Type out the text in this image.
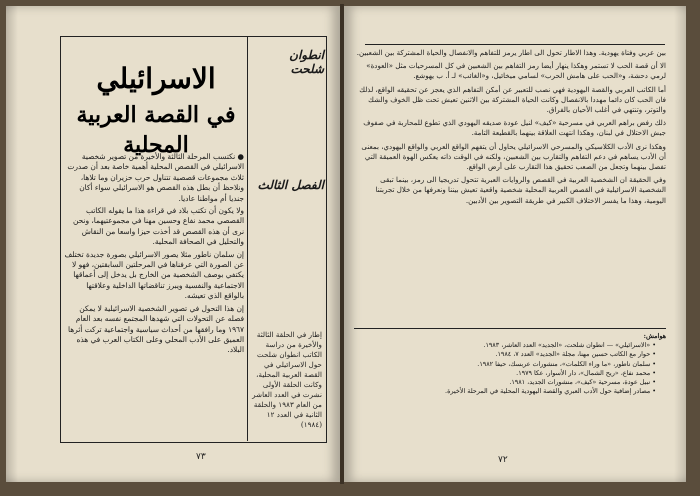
انطوان شلحت
الاسرائيلي
في القصة العربية المحلية
الفصل الثالث

● نكتسب المرحلة الثالثة والأخيرة من تصوير شخصية الاسرائيلي في القصص المحلية أهمية خاصة بعد أن صدرت ثلاث مجموعات قصصية تتناول حرب حزيران وما تلاها، ونلاحظ أن بطل هذه القصص هو الاسرائيلي سواء أكان جنديا أم مواطنا عاديا.

ولا يكون أن تكتب بلاد في قراءة هذا ما يقوله الكاتب القصصي محمد نفاع وحسين مهنا في مجموعتيهما، ونحن نرى أن هذه القصص قد أخذت حيزا واسعا من النقاش والتحليل في الصحافة المحلية.

إن سلمان ناطور مثلا يصور الاسرائيلي بصورة جديدة تختلف عن الصورة التي عرفناها في المرحلتين السابقتين، فهو لا يكتفي بوصف الشخصية من الخارج بل يدخل إلى أعماقها الاجتماعية والنفسية ويبرز تناقضاتها الداخلية وعلاقتها بالواقع الذي تعيشه.

إن هذا التحول في تصوير الشخصية الاسرائيلية لا يمكن فصله عن التحولات التي شهدها المجتمع نفسه بعد العام ١٩٦٧ وما رافقها من أحداث سياسية واجتماعية تركت أثرها العميق على الأدب المحلي وعلى الكتاب العرب في هذه البلاد.

إطار في الحلقة الثالثة والأخيرة من دراسة الكاتب انطوان شلحت حول الاسرائيلي في القصة العربية المحلية، وكانت الحلقة الأولى نشرت في العدد العاشر من العام ١٩٨٣ والحلقة الثانية في العدد ١٢ (١٩٨٤)
٧٣

بين عربي وفتاة يهودية. وهذا الاطار تحول الى اطار يرمز للتفاهم والانفصال والحياة المشتركة بين الشعبين.

الا أن قصة الحب لا تستمر وهكذا ينهار أيضا رمز التفاهم بين الشعبين في كل المسرحيات مثل «العودة» لرمي دحشة، و«الحب على هامش الحرب» لسامي ميخائيل، و«الغائب» لـ أ. ب يهوشع.

أما الكاتب العربي والقصة اليهودية فهي نصب للتعبير عن أمكن التفاهم الذي يعجز عن تحقيقه الواقع، لذلك فان الحب كان دائما مهددا بالانفصال وكانت الحياة المشتركة بين الاثنين تعيش تحت ظل الخوف والشك والتوتر، وتنتهي في أغلب الأحيان بالفراق.

ذلك رفض براهم العربي في مسرحية «كيف» لنيل عودة صديقه اليهودي الذي تطوع للمحاربة في صفوف جيش الاحتلال في لبنان، وهكذا انتهت العلاقة بينهما بالقطيعة التامة.

وهكذا نرى الأدب الكلاسيكي والمسرحي الاسرائيلي يحاول أن يتفهم الواقع العربي والواقع اليهودي، بمعنى أن الأدب يساهم في دعم التفاهم والتقارب بين الشعبين، ولكنه في الوقت ذاته يعكس الهوة العميقة التي تفصل بينهما وتجعل من الصعب تحقيق هذا التقارب على أرض الواقع.

وفي الحقيقة ان الشخصية العربية في القصص والروايات العبرية تتحول تدريجيا الى رمز، بينما تبقى الشخصية الاسرائيلية في القصص العربية المحلية شخصية واقعية تعيش بيننا ونعرفها من خلال تجربتنا اليومية، وهذا ما يفسر الاختلاف الكبير في طريقة التصوير بين الأدبين.

هوامش:
• «الاسرائيلي» — انطوان شلحت، «الجديد» العدد العاشر، ١٩٨٣.
• حوار مع الكاتب حسين مهنا، مجلة «الجديد» العدد ٧، ١٩٨٤.
• سلمان ناطور، «ما وراء الكلمات»، منشورات عربسك، حيفا ١٩٨٢.
• محمد نفاع، «ريح الشمال»، دار الأسوار، عكا ١٩٧٩.
• نبيل عودة، مسرحية «كيف»، منشورات الجديد، ١٩٨١.
• مصادر إضافية حول الأدب العبري والقصة اليهودية المحلية في المرحلة الأخيرة.
٧٢
